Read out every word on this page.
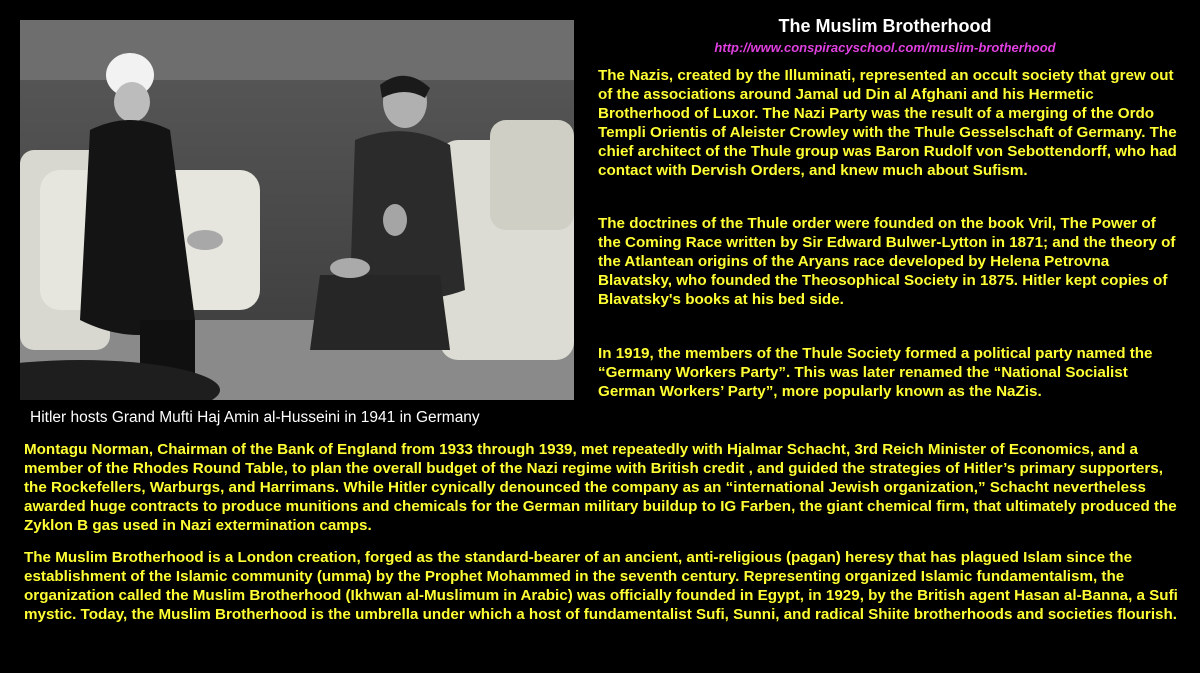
Hitler hosts Grand Mufti Haj Amin al-Husseini in 1941 in Germany
The Muslim Brotherhood
http://www.conspiracyschool.com/muslim-brotherhood

The Nazis, created by the Illuminati, represented an occult society that grew out of the associations around Jamal ud Din al Afghani and his Hermetic Brotherhood of Luxor. The Nazi Party was the result of a merging of the Ordo Templi Orientis of Aleister Crowley with the Thule Gesselschaft of Germany. The chief architect of the Thule group was Baron Rudolf von Sebottendorff, who had contact with Dervish Orders, and knew much about Sufism.

The doctrines of the Thule order were founded on the book Vril, The Power of the Coming Race written by Sir Edward Bulwer-Lytton in 1871; and the theory of the Atlantean origins of the Aryans race developed by Helena Petrovna Blavatsky, who founded the Theosophical Society in 1875. Hitler kept copies of Blavatsky's books at his bed side.

In 1919, the members of the Thule Society formed a political party named the “Germany Workers Party”. This was later renamed the “National Socialist German Workers’ Party”, more popularly known as the NaZis.

Montagu Norman, Chairman of the Bank of England from 1933 through 1939, met repeatedly with Hjalmar Schacht, 3rd Reich Minister of Economics, and a member of the Rhodes Round Table, to plan the overall budget of the Nazi regime with British credit , and guided the strategies of Hitler’s primary supporters, the Rockefellers, Warburgs, and Harrimans. While Hitler cynically denounced the company as an “international Jewish organization,” Schacht nevertheless awarded huge contracts to produce munitions and chemicals for the German military buildup to IG Farben, the giant chemical firm, that ultimately produced the Zyklon B gas used in Nazi extermination camps.

The Muslim Brotherhood is a London creation, forged as the standard-bearer of an ancient, anti-religious (pagan) heresy that has plagued Islam since the establishment of the Islamic community (umma) by the Prophet Mohammed in the seventh century. Representing organized Islamic fundamentalism, the organization called the Muslim Brotherhood (Ikhwan al-Muslimum in Arabic) was officially founded in Egypt, in 1929, by the British agent Hasan al-Banna, a Sufi mystic. Today, the Muslim Brotherhood is the umbrella under which a host of fundamentalist Sufi, Sunni, and radical Shiite brotherhoods and societies flourish.
